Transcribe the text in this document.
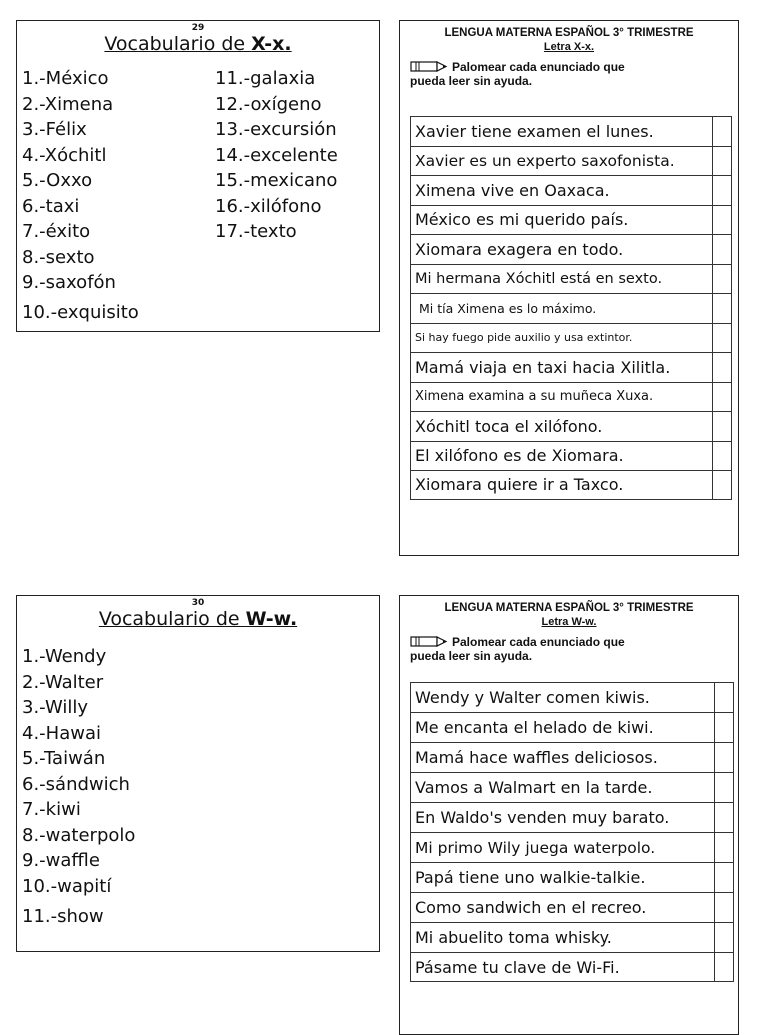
29
Vocabulario de X-x.
1.-México
2.-Ximena
3.-Félix
4.-Xóchitl
5.-Oxxo
6.-taxi
7.-éxito
8.-sexto
9.-saxofón
10.-exquisito
11.-galaxia
12.-oxígeno
13.-excursión
14.-excelente
15.-mexicano
16.-xilófono
17.-texto
LENGUA MATERNA ESPAÑOL 3° TRIMESTRE
Letra X-x.
Palomear cada enunciado que
pueda leer sin ayuda.
Xavier tiene examen el lunes.
Xavier es un experto saxofonista.
Ximena vive en Oaxaca.
México es mi querido país.
Xiomara exagera en todo.
Mi hermana Xóchitl está en sexto.
Mi tía Ximena es lo máximo.
Si hay fuego pide auxilio y usa extintor.
Mamá viaja en taxi hacia Xilitla.
Ximena examina a su muñeca Xuxa.
Xóchitl toca el xilófono.
El xilófono es de Xiomara.
Xiomara quiere ir a Taxco.
30
Vocabulario de W-w.
1.-Wendy
2.-Walter
3.-Willy
4.-Hawai
5.-Taiwán
6.-sándwich
7.-kiwi
8.-waterpolo
9.-waffle
10.-wapití
11.-show
LENGUA MATERNA ESPAÑOL 3° TRIMESTRE
Letra W-w.
Palomear cada enunciado que
pueda leer sin ayuda.
Wendy y Walter comen kiwis.
Me encanta el helado de kiwi.
Mamá hace waffles deliciosos.
Vamos a Walmart en la tarde.
En Waldo's venden muy barato.
Mi primo Wily juega waterpolo.
Papá tiene uno walkie-talkie.
Como sandwich en el recreo.
Mi abuelito toma whisky.
Pásame tu clave de Wi-Fi.
